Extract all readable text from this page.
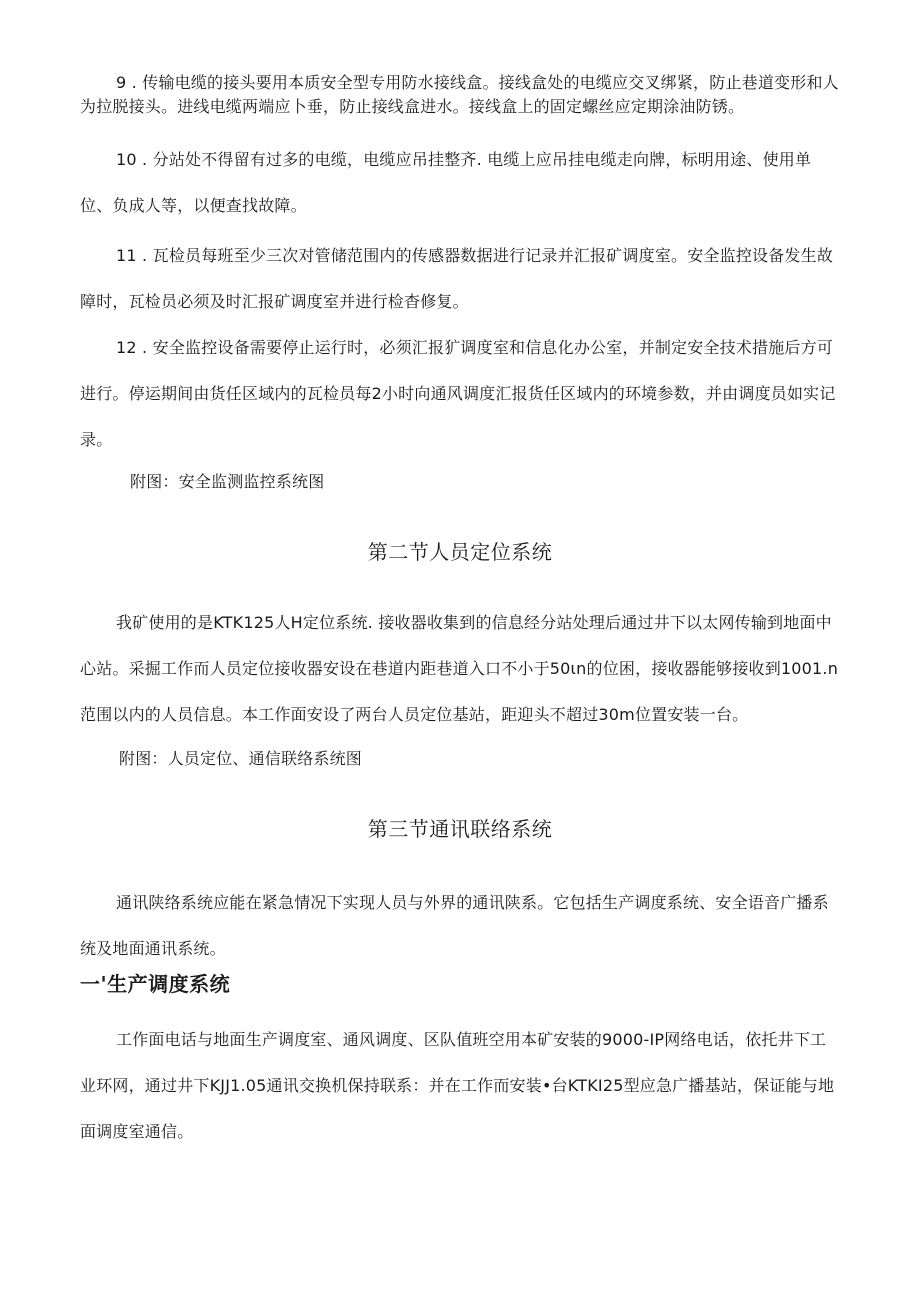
9 . 传输电缆的接头要用本质安全型专用防水接线盒。接线盒处的电缆应交叉绑紧，防止巷道变形和人为拉脱接头。进线电缆两端应卜垂，防止接线盒进水。接线盒上的固定螺丝应定期涂油防锈。

10 . 分站处不得留有过多的电缆，电缆应吊挂整齐. 电缆上应吊挂电缆走向牌，标明用途、使用单位、负成人等，以便查找故障。

11 . 瓦检员每班至少三次对管储范围内的传感器数据进行记录并汇报矿调度室。安全监控设备发生故障时，瓦检员必须及时汇报矿调度室并进行检杳修复。

12 . 安全监控设备需要停止运行时，必须汇报犷调度室和信息化办公室，并制定安全技术措施后方可进行。停运期间由货任区域内的瓦检员每2小时向通风调度汇报货任区域内的环境参数，并由调度员如实记录。

附图：安全监测监控系统图

第二节人员定位系统

我矿使用的是KTK125人H定位系统. 接收器收集到的信息经分站处理后通过井下以太网传输到地面中心站。采掘工作而人员定位接收器安设在巷道内距巷道入口不小于50ιn的位困，接收器能够接收到1001.n范围以内的人员信息。本工作面安设了两台人员定位基站，距迎头不超过30m位置安装一台。

附图：人员定位、通信联络系统图

第三节通讯联络系统

通讯陕络系统应能在紧急情况下实现人员与外界的通讯陕系。它包括生产调度系统、安全语音广播系统及地面通讯系统。

一'生产调度系统

工作面电话与地面生产调度室、通风调度、区队值班空用本矿安装的9000-IP网络电话，依托井下工业环网，通过井下KJJ1.05通讯交换机保持联系：并在工作而安装•台KTKI25型应急广播基站，保证能与地面调度室通信。
